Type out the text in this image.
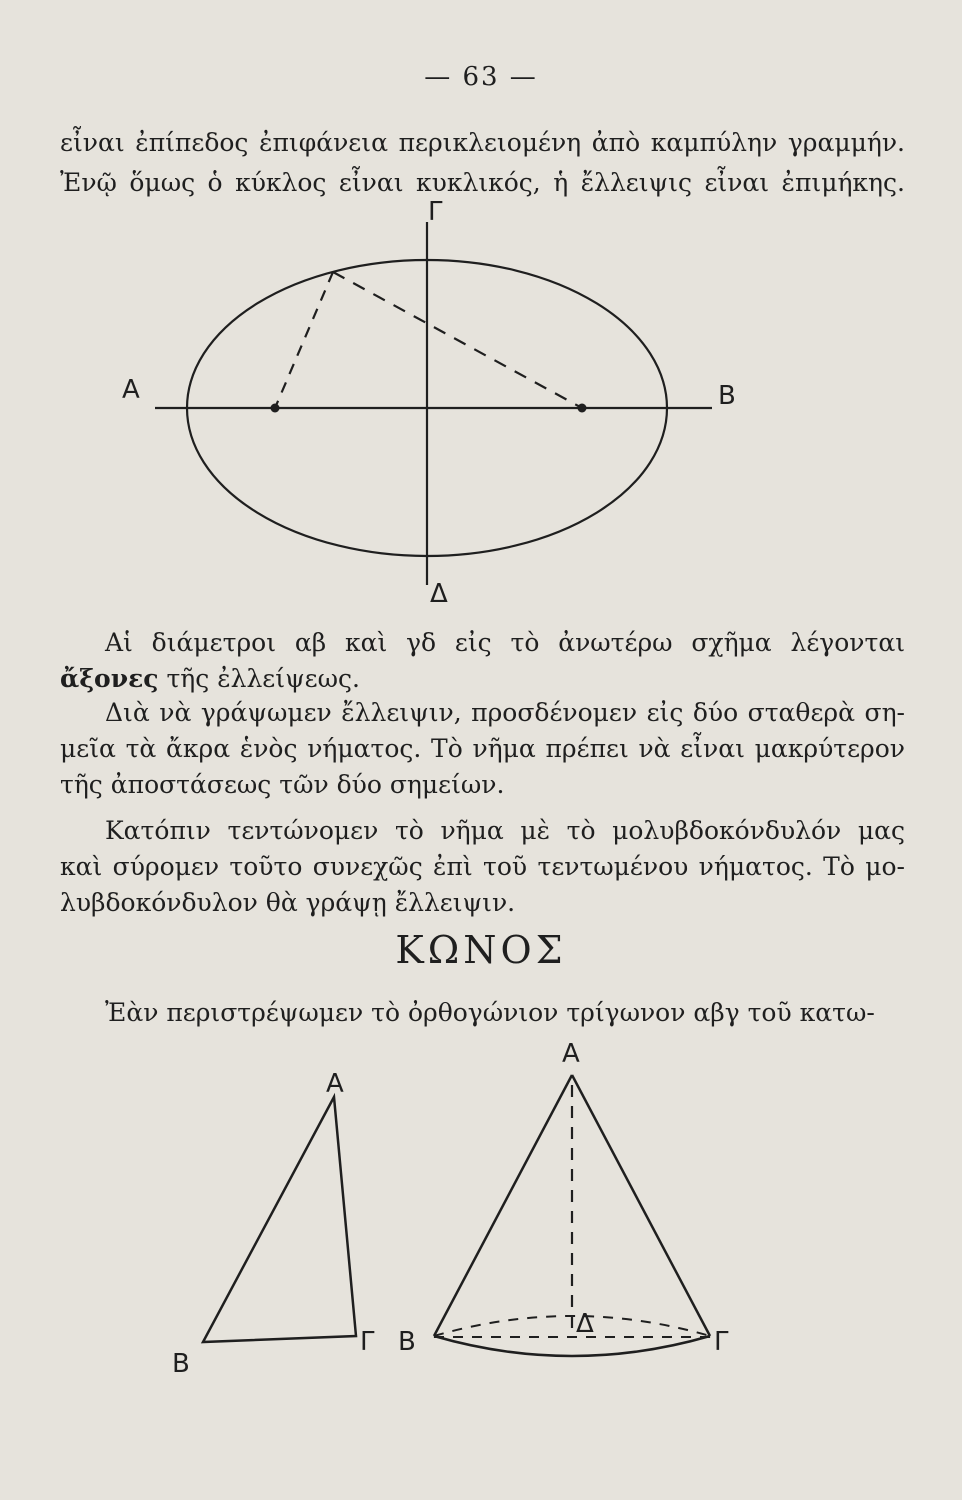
— 63 —
εἶναι ἐπίπεδος ἐπιφάνεια περικλειομένη ἀπὸ καμπύλην γραμμήν.
Ἐνῷ ὅμως ὁ κύκλος εἶναι κυκλικός, ἡ ἔλλειψις εἶναι ἐπιμήκης.
Γ
Α	Β
Δ
Αἱ διάμετροι αβ καὶ γδ εἰς τὸ ἀνωτέρω σχῆμα λέγονται
ἄξονες τῆς ἐλλείψεως.
Διὰ νὰ γράψωμεν ἔλλειψιν, προσδένομεν εἰς δύο σταθερὰ ση-
μεῖα τὰ ἄκρα ἑνὸς νήματος. Τὸ νῆμα πρέπει νὰ εἶναι μακρύτερον
τῆς ἀποστάσεως τῶν δύο σημείων.
Κατόπιν τεντώνομεν τὸ νῆμα μὲ τὸ μολυβδοκόνδυλόν μας
καὶ σύρομεν τοῦτο συνεχῶς ἐπὶ τοῦ τεντωμένου νήματος. Τὸ μο-
λυβδοκόνδυλον θὰ γράψῃ ἔλλειψιν.
ΚΩΝΟΣ
Ἐὰν περιστρέψωμεν τὸ ὀρθογώνιον τρίγωνον αβγ τοῦ κατω-
Α
Β
Γ
Α
Β
Δ
Γ
